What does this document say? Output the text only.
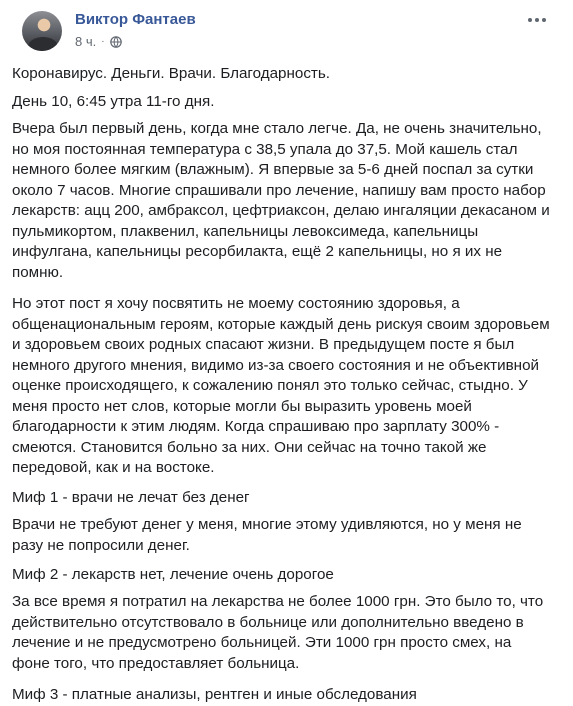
Виктор Фантаев
8 ч. ·

Коронавирус. Деньги. Врачи. Благодарность.

День 10, 6:45 утра 11-го дня.

Вчера был первый день, когда мне стало легче. Да, не очень значительно, но моя постоянная температура с 38,5 упала до 37,5. Мой кашель стал немного более мягким (влажным). Я впервые за 5-6 дней поспал за сутки около 7 часов. Многие спрашивали про лечение, напишу вам просто набор лекарств: ацц 200, амбраксол, цефтриаксон, делаю ингаляции декасаном и пульмикортом, плаквенил, капельницы левоксимеда, капельницы инфулгана, капельницы ресорбилакта, ещё 2 капельницы, но я их не помню.

Но этот пост я хочу посвятить не моему состоянию здоровья, а общенациональным героям, которые каждый день рискуя своим здоровьем и здоровьем своих родных спасают жизни. В предыдущем посте я был немного другого мнения, видимо из-за своего состояния и не объективной оценке происходящего, к сожалению понял это только сейчас, стыдно. У меня просто нет слов, которые могли бы выразить уровень моей благодарности к этим людям. Когда спрашиваю про зарплату 300% - смеются. Становится больно за них. Они сейчас на точно такой же передовой, как и на востоке.

Миф 1 - врачи не лечат без денег

Врачи не требуют денег у меня, многие этому удивляются, но у меня не разу не попросили денег.

Миф 2 - лекарств нет, лечение очень дорогое

За все время я потратил на лекарства не более 1000 грн. Это было то, что действительно отсутствовало в больнице или дополнительно введено в лечение и не предусмотрено больницей. Эти 1000 грн просто смех, на фоне того, что предоставляет больница.

Миф 3 - платные анализы, рентген и иные обследования
